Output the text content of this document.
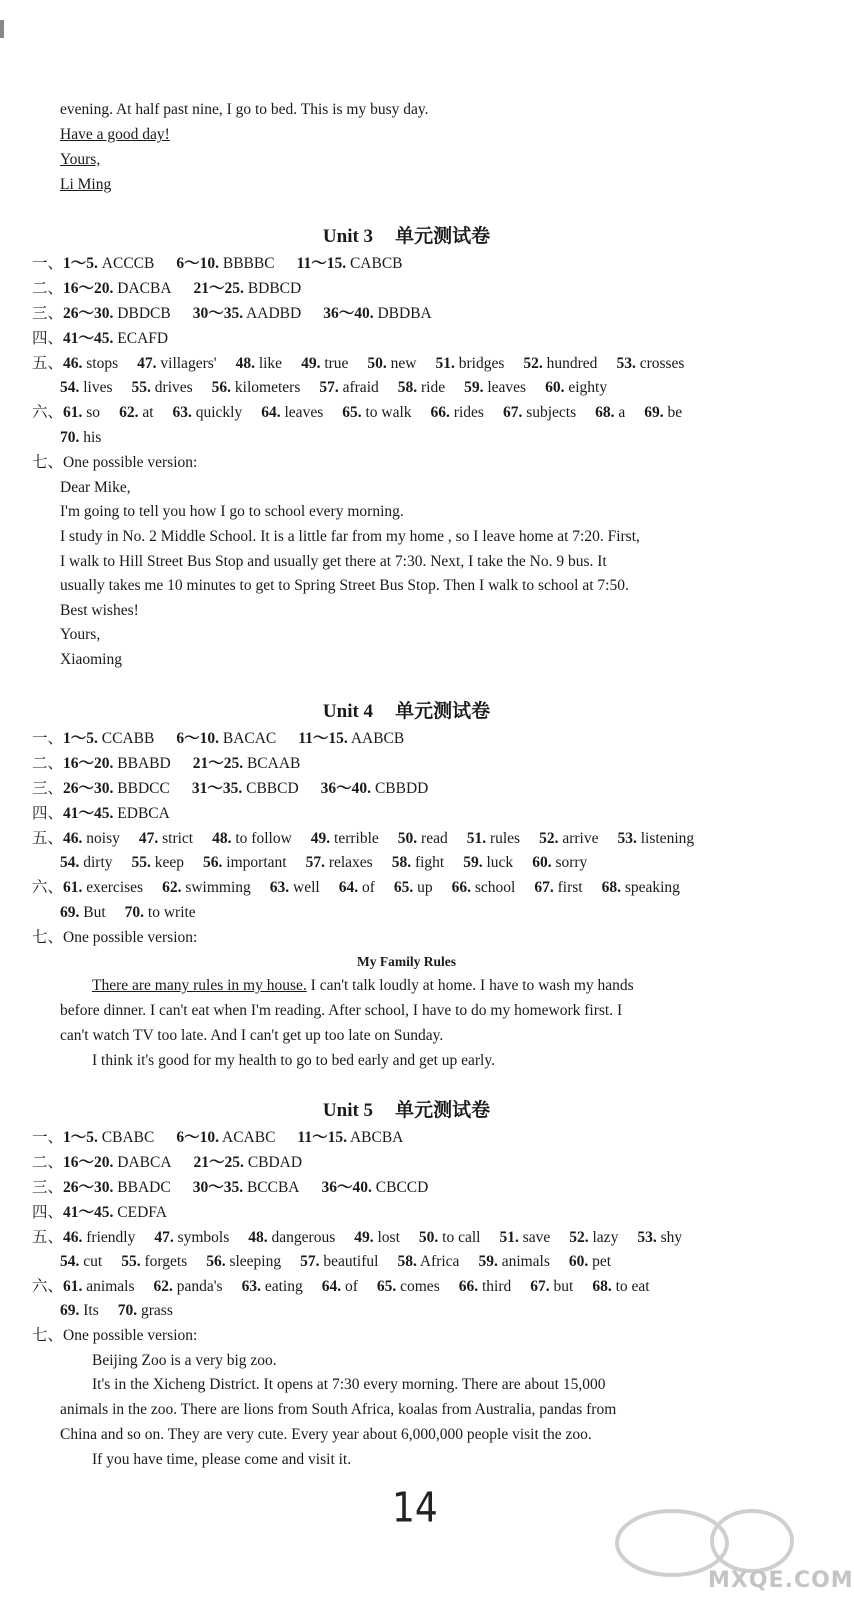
evening. At half past nine, I go to bed. This is my busy day.
Have a good day!
Yours,
Li Ming
Unit 3 单元测试卷
一、1～5. ACCCB 6～10. BBBBC 11～15. CABCB
二、16～20. DACBA 21～25. BDBCD
三、26～30. DBDCB 30～35. AADBD 36～40. DBDBA
四、41～45. ECAFD
五、46. stops 47. villagers' 48. like 49. true 50. new 51. bridges 52. hundred 53. crosses
54. lives 55. drives 56. kilometers 57. afraid 58. ride 59. leaves 60. eighty
六、61. so 62. at 63. quickly 64. leaves 65. to walk 66. rides 67. subjects 68. a 69. be
70. his
七、One possible version:
Dear Mike,
I'm going to tell you how I go to school every morning.
I study in No. 2 Middle School. It is a little far from my home , so I leave home at 7:20. First,
I walk to Hill Street Bus Stop and usually get there at 7:30. Next, I take the No. 9 bus. It
usually takes me 10 minutes to get to Spring Street Bus Stop. Then I walk to school at 7:50.
Best wishes!
Yours,
Xiaoming
Unit 4 单元测试卷
一、1～5. CCABB 6～10. BACAC 11～15. AABCB
二、16～20. BBABD 21～25. BCAAB
三、26～30. BBDCC 31～35. CBBCD 36～40. CBBDD
四、41～45. EDBCA
五、46. noisy 47. strict 48. to follow 49. terrible 50. read 51. rules 52. arrive 53. listening
54. dirty 55. keep 56. important 57. relaxes 58. fight 59. luck 60. sorry
六、61. exercises 62. swimming 63. well 64. of 65. up 66. school 67. first 68. speaking
69. But 70. to write
七、One possible version:
My Family Rules
There are many rules in my house. I can't talk loudly at home. I have to wash my hands
before dinner. I can't eat when I'm reading. After school, I have to do my homework first. I
can't watch TV too late. And I can't get up too late on Sunday.
I think it's good for my health to go to bed early and get up early.
Unit 5 单元测试卷
一、1～5. CBABC 6～10. ACABC 11～15. ABCBA
二、16～20. DABCA 21～25. CBDAD
三、26～30. BBADC 30～35. BCCBA 36～40. CBCCD
四、41～45. CEDFA
五、46. friendly 47. symbols 48. dangerous 49. lost 50. to call 51. save 52. lazy 53. shy
54. cut 55. forgets 56. sleeping 57. beautiful 58. Africa 59. animals 60. pet
六、61. animals 62. panda's 63. eating 64. of 65. comes 66. third 67. but 68. to eat
69. Its 70. grass
七、One possible version:
Beijing Zoo is a very big zoo.
It's in the Xicheng District. It opens at 7:30 every morning. There are about 15,000
animals in the zoo. There are lions from South Africa, koalas from Australia, pandas from
China and so on. They are very cute. Every year about 6,000,000 people visit the zoo.
If you have time, please come and visit it.
14
MXQE.COM
